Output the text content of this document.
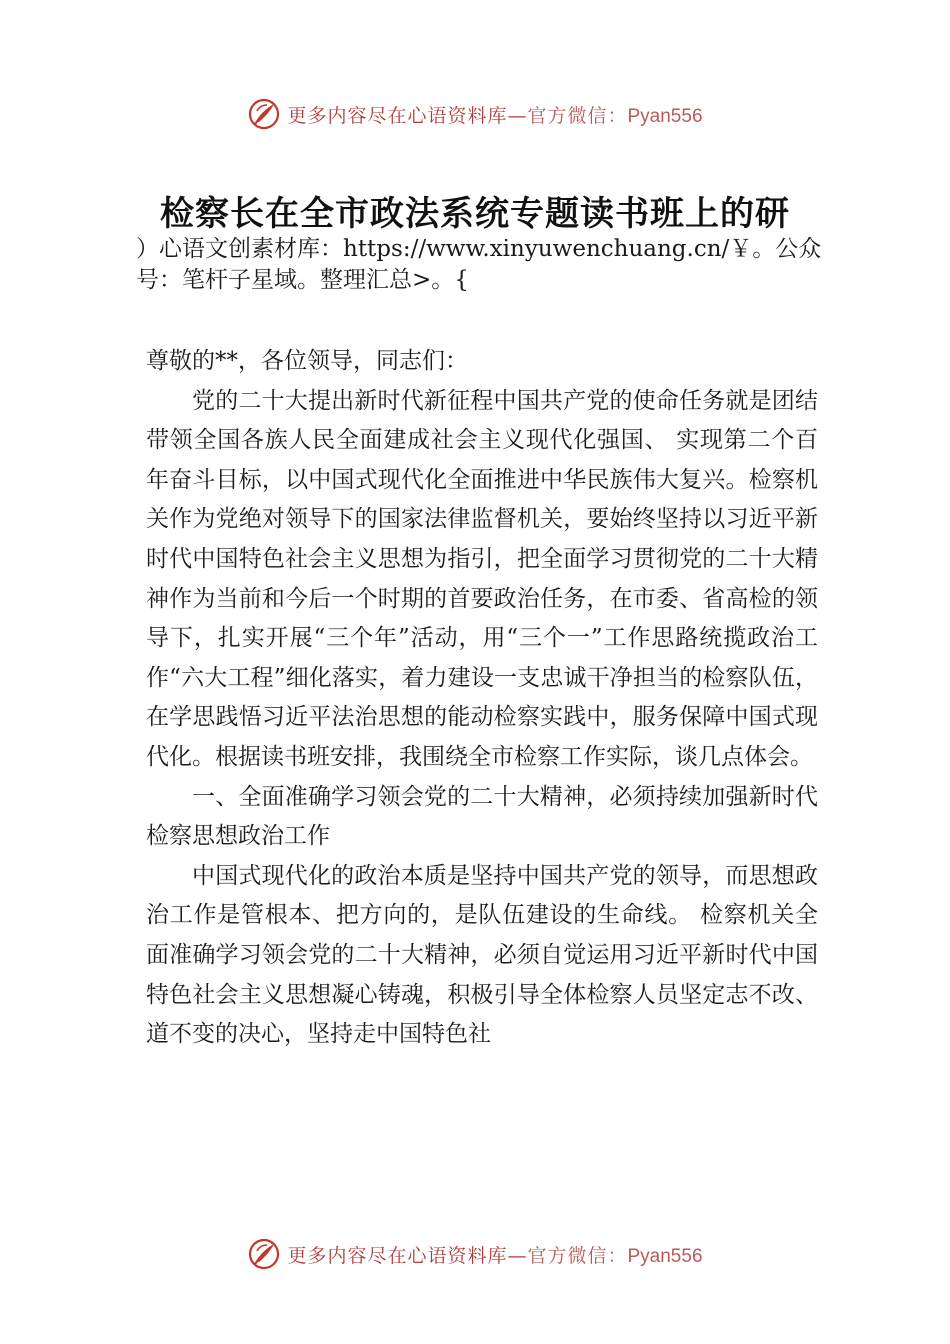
更多内容尽在心语资料库—官方微信：Pyan556
检察长在全市政法系统专题读书班上的研
）心语文创素材库：https://www.xinyuwenchuang.cn/￥。公众号：笔杆子星域。整理汇总>。{

尊敬的**，各位领导，同志们：

党的二十大提出新时代新征程中国共产党的使命任务就是团结带领全国各族人民全面建成社会主义现代化强国、 实现第二个百年奋斗目标，以中国式现代化全面推进中华民族伟大复兴。检察机关作为党绝对领导下的国家法律监督机关，要始终坚持以习近平新时代中国特色社会主义思想为指引，把全面学习贯彻党的二十大精神作为当前和今后一个时期的首要政治任务，在市委、省高检的领导下，扎实开展“三个年”活动，用“三个一”工作思路统揽政治工作“六大工程”细化落实，着力建设一支忠诚干净担当的检察队伍，在学思践悟习近平法治思想的能动检察实践中，服务保障中国式现代化。根据读书班安排，我围绕全市检察工作实际，谈几点体会。

一、全面准确学习领会党的二十大精神，必须持续加强新时代检察思想政治工作

中国式现代化的政治本质是坚持中国共产党的领导，而思想政治工作是管根本、把方向的，是队伍建设的生命线。 检察机关全面准确学习领会党的二十大精神，必须自觉运用习近平新时代中国特色社会主义思想凝心铸魂，积极引导全体检察人员坚定志不改、道不变的决心，坚持走中国特色社

更多内容尽在心语资料库—官方微信：Pyan556
